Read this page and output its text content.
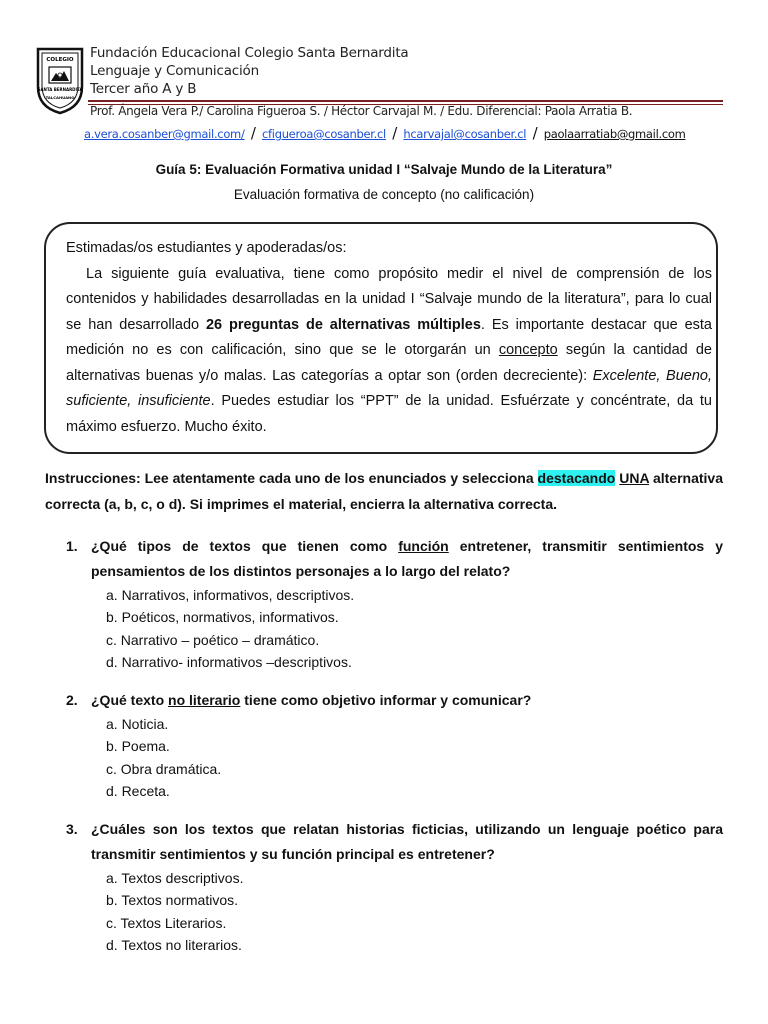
COLEGIO
SANTA BERNARDITA
TALCAHUANO
Fundación Educacional Colegio Santa Bernardita
Lenguaje y Comunicación
Tercer año A y B
Prof. Ángela Vera P./ Carolina Figueroa S. / Héctor Carvajal M. / Edu. Diferencial: Paola Arratia B.
a.vera.cosanber@gmail.com/ / cfigueroa@cosanber.cl / hcarvajal@cosanber.cl / paolaarratiab@gmail.com
Guía 5: Evaluación Formativa unidad I “Salvaje Mundo de la Literatura”
Evaluación formativa de concepto (no calificación)

Estimadas/os estudiantes y apoderadas/os:

La siguiente guía evaluativa, tiene como propósito medir el nivel de comprensión de los contenidos y habilidades desarrolladas en la unidad I “Salvaje mundo de la literatura”, para lo cual se han desarrollado 26 preguntas de alternativas múltiples. Es importante destacar que esta medición no es con calificación, sino que se le otorgarán un concepto según la cantidad de alternativas buenas y/o malas. Las categorías a optar son (orden decreciente): Excelente, Bueno, suficiente, insuficiente. Puedes estudiar los “PPT” de la unidad. Esfuérzate y concéntrate, da tu máximo esfuerzo. Mucho éxito.

Instrucciones: Lee atentamente cada uno de los enunciados y selecciona destacando UNA alternativa correcta (a, b, c, o d). Si imprimes el material, encierra la alternativa correcta.
1. ¿Qué tipos de textos que tienen como función entretener, transmitir sentimientos y pensamientos de los distintos personajes a lo largo del relato?
a. Narrativos, informativos, descriptivos.
b. Poéticos, normativos, informativos.
c. Narrativo – poético – dramático.
d. Narrativo- informativos –descriptivos.
2. ¿Qué texto no literario tiene como objetivo informar y comunicar?
a. Noticia.
b. Poema.
c. Obra dramática.
d. Receta.
3. ¿Cuáles son los textos que relatan historias ficticias, utilizando un lenguaje poético para transmitir sentimientos y su función principal es entretener?
a. Textos descriptivos.
b. Textos normativos.
c. Textos Literarios.
d. Textos no literarios.
